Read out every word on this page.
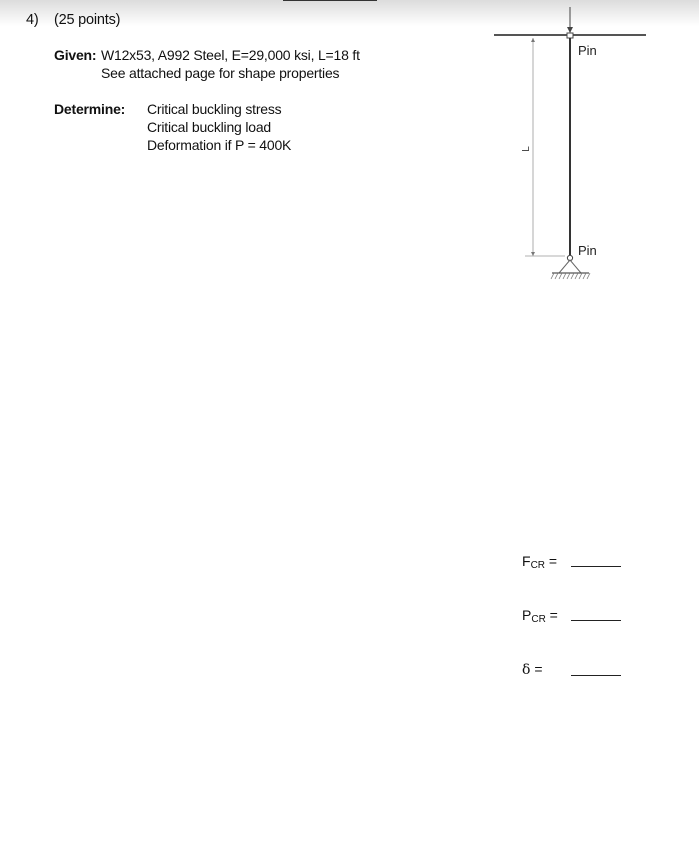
4) (25 points)
Given: W12x53, A992 Steel, E=29,000 ksi, L=18 ft
See attached page for shape properties
Determine: Critical buckling stress
Critical buckling load
Deformation if P = 400K	L
Pin
Pin
FCR =
PCR =
δ =
